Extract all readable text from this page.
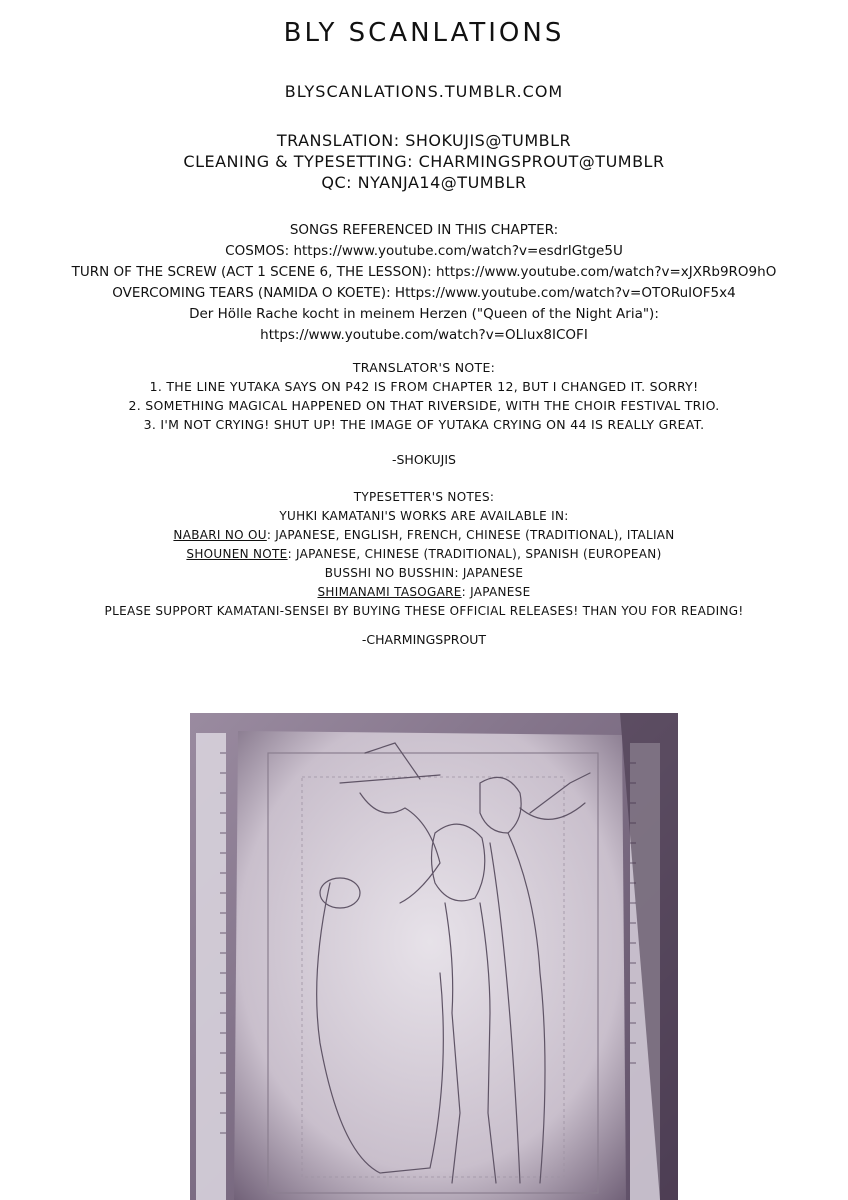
BLY SCANLATIONS
BLYSCANLATIONS.TUMBLR.COM
TRANSLATION: SHOKUJIS@TUMBLR
CLEANING & TYPESETTING: CHARMINGSPROUT@TUMBLR
QC: NYANJA14@TUMBLR
SONGS REFERENCED IN THIS CHAPTER:
COSMOS: https://www.youtube.com/watch?v=esdrIGtge5U
TURN OF THE SCREW (ACT 1 SCENE 6, THE LESSON): https://www.youtube.com/watch?v=xJXRb9RO9hO
OVERCOMING TEARS (NAMIDA O KOETE): Https://www.youtube.com/watch?v=OTORuIOF5x4
Der Hölle Rache kocht in meinem Herzen ("Queen of the Night Aria"):
https://www.youtube.com/watch?v=OLlux8ICOFI
TRANSLATOR'S NOTE:
1. THE LINE YUTAKA SAYS ON P42 IS FROM CHAPTER 12, BUT I CHANGED IT. SORRY!
2. SOMETHING MAGICAL HAPPENED ON THAT RIVERSIDE, WITH THE CHOIR FESTIVAL TRIO.
3. I'M NOT CRYING! SHUT UP! THE IMAGE OF YUTAKA CRYING ON 44 IS REALLY GREAT.
-SHOKUJIS
TYPESETTER'S NOTES:
YUHKI KAMATANI'S WORKS ARE AVAILABLE IN:
NABARI NO OU: JAPANESE, ENGLISH, FRENCH, CHINESE (TRADITIONAL), ITALIAN
SHOUNEN NOTE: JAPANESE, CHINESE (TRADITIONAL), SPANISH (EUROPEAN)
BUSSHI NO BUSSHIN: JAPANESE
SHIMANAMI TASOGARE: JAPANESE
PLEASE SUPPORT KAMATANI-SENSEI BY BUYING THESE OFFICIAL RELEASES! THAN YOU FOR READING!
-CHARMINGSPROUT
